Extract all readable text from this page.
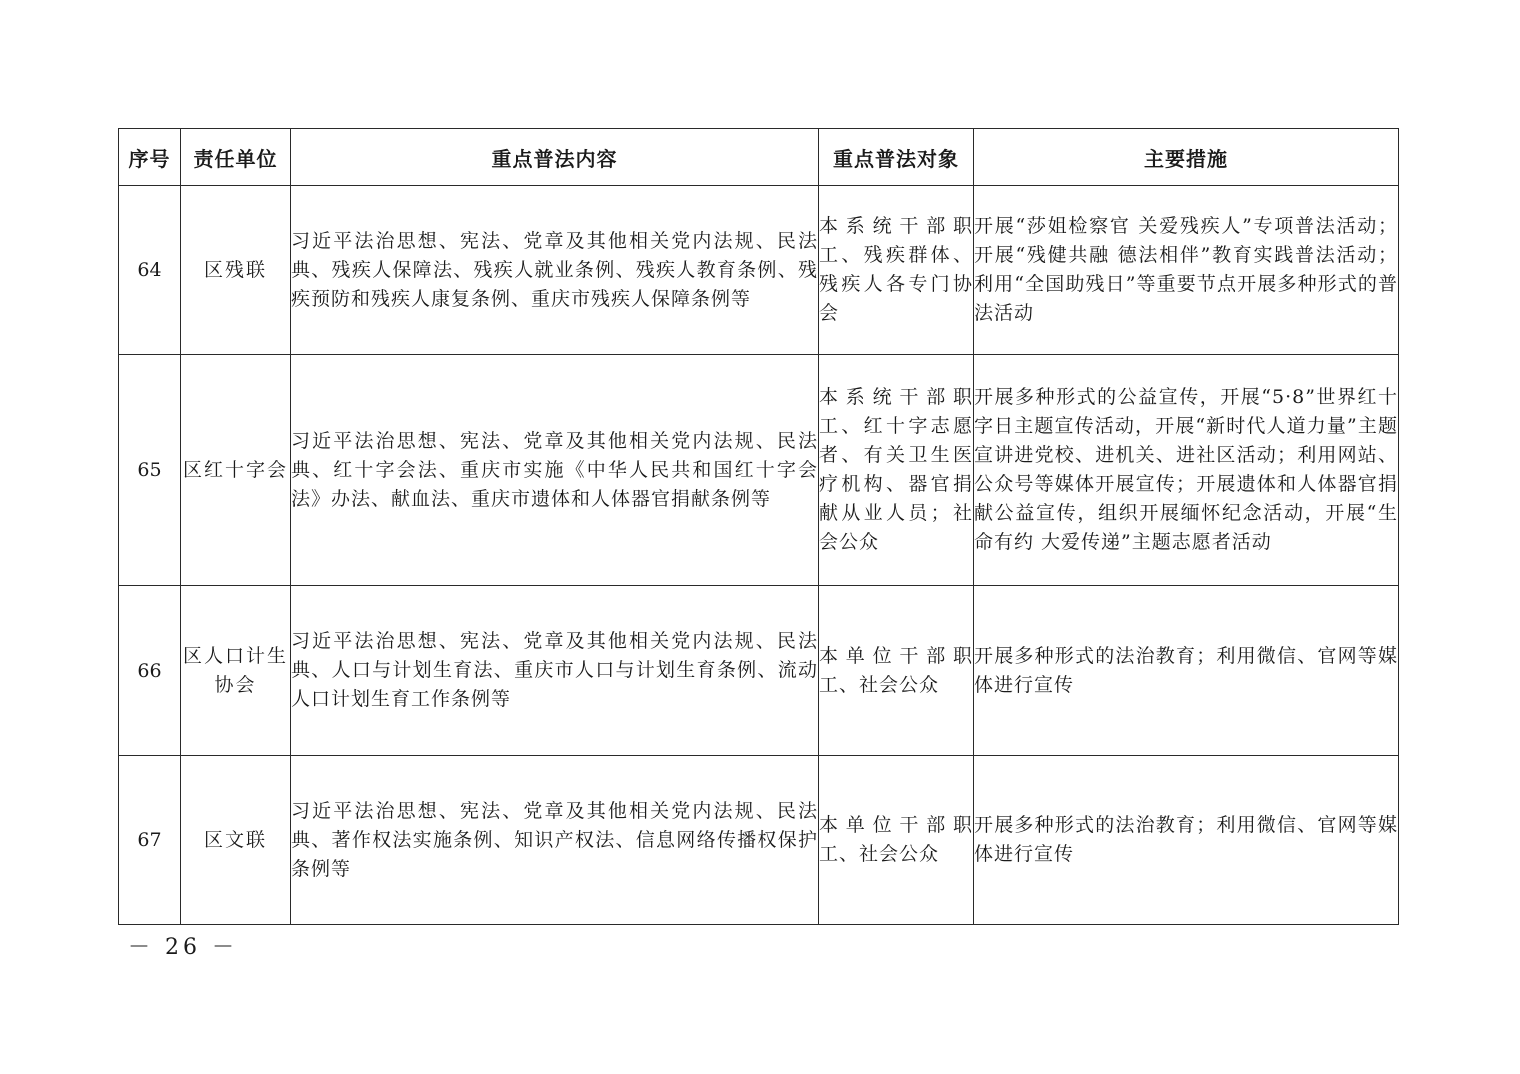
序号	责任单位	重点普法内容	重点普法对象	主要措施
64	区残联	习近平法治思想、宪法、党章及其他相关党内法规、民法典、残疾人保障法、残疾人就业条例、残疾人教育条例、残疾预防和残疾人康复条例、重庆市残疾人保障条例等	本系统干部职工、残疾群体、残疾人各专门协会	开展“莎姐检察官 关爱残疾人”专项普法活动；开展“残健共融 德法相伴”教育实践普法活动；利用“全国助残日”等重要节点开展多种形式的普法活动
65	区红十字会	习近平法治思想、宪法、党章及其他相关党内法规、民法典、红十字会法、重庆市实施《中华人民共和国红十字会法》办法、献血法、重庆市遗体和人体器官捐献条例等	本系统干部职工、红十字志愿者、有关卫生医疗机构、器官捐献从业人员；社会公众	开展多种形式的公益宣传，开展“5·8”世界红十字日主题宣传活动，开展“新时代人道力量”主题宣讲进党校、进机关、进社区活动；利用网站、公众号等媒体开展宣传；开展遗体和人体器官捐献公益宣传，组织开展缅怀纪念活动，开展“生命有约 大爱传递”主题志愿者活动
66	区人口计生协会	习近平法治思想、宪法、党章及其他相关党内法规、民法典、人口与计划生育法、重庆市人口与计划生育条例、流动人口计划生育工作条例等	本单位干部职工、社会公众	开展多种形式的法治教育；利用微信、官网等媒体进行宣传
67	区文联	习近平法治思想、宪法、党章及其他相关党内法规、民法典、著作权法实施条例、知识产权法、信息网络传播权保护条例等	本单位干部职工、社会公众	开展多种形式的法治教育；利用微信、官网等媒体进行宣传
－ 26 －
